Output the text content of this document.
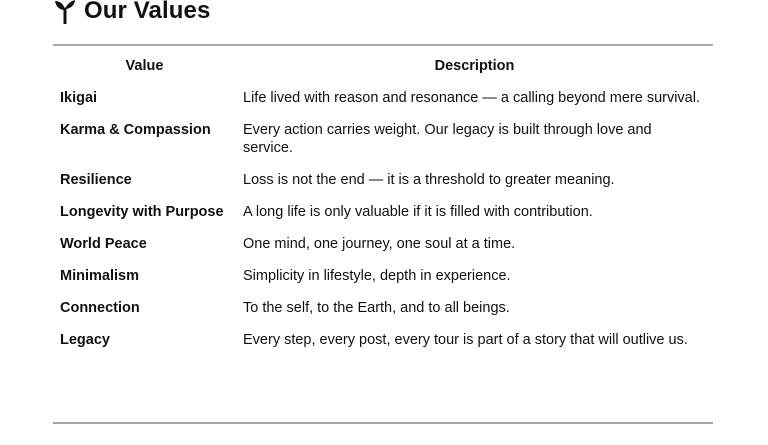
Our Values
Value	Description
Ikigai	Life lived with reason and resonance — a calling beyond mere survival.
Karma & Compassion	Every action carries weight. Our legacy is built through love and service.
Resilience	Loss is not the end — it is a threshold to greater meaning.
Longevity with Purpose	A long life is only valuable if it is filled with contribution.
World Peace	One mind, one journey, one soul at a time.
Minimalism	Simplicity in lifestyle, depth in experience.
Connection	To the self, to the Earth, and to all beings.
Legacy	Every step, every post, every tour is part of a story that will outlive us.
